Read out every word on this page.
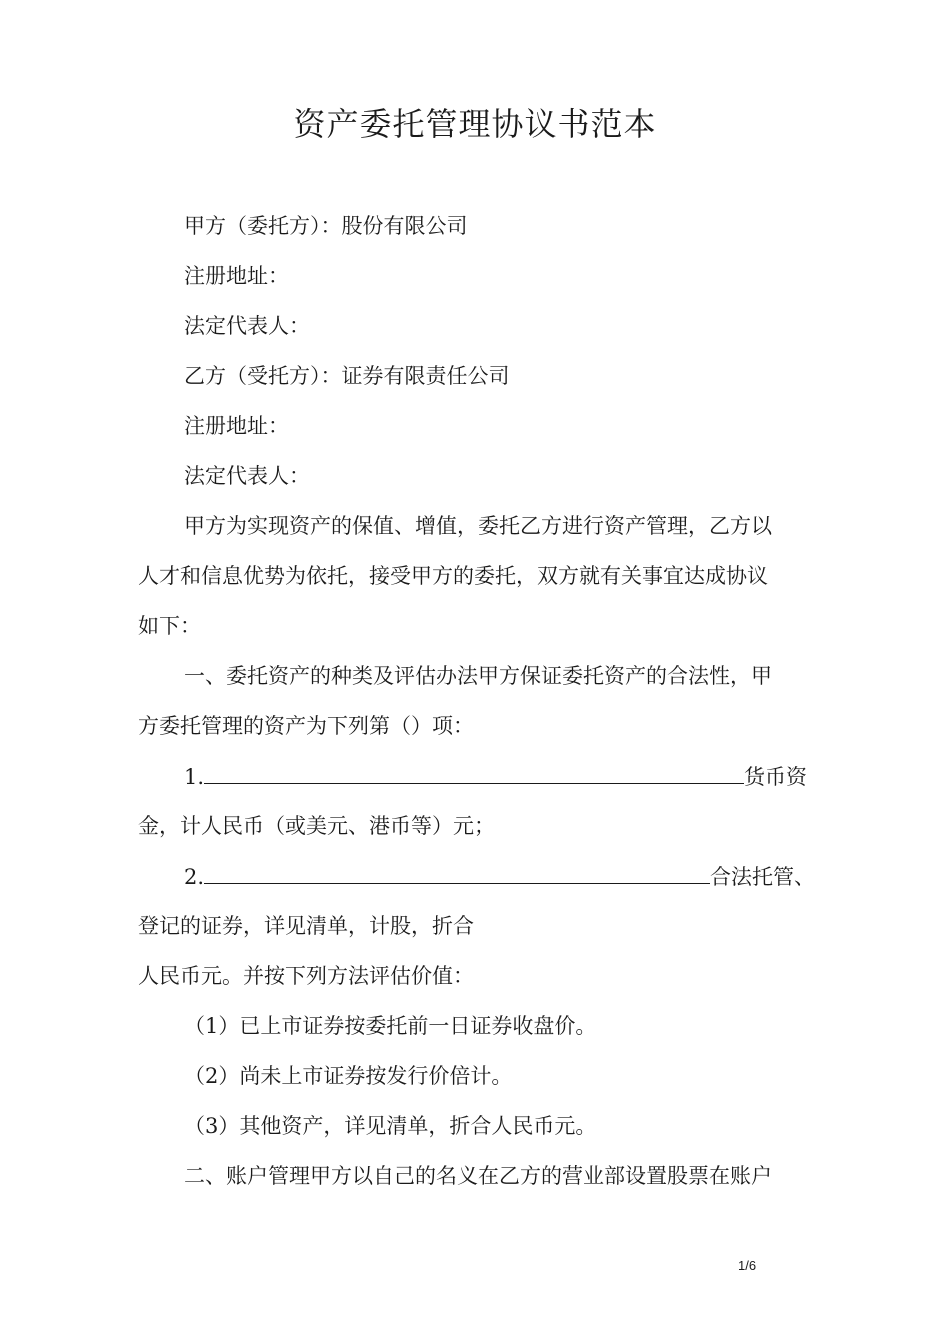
资产委托管理协议书范本
甲方（委托方）：股份有限公司
注册地址：
法定代表人：
乙方（受托方）：证券有限责任公司
注册地址：
法定代表人：
甲方为实现资产的保值、增值，委托乙方进行资产管理，乙方以
人才和信息优势为依托，接受甲方的委托，双方就有关事宜达成协议
如下：
一、委托资产的种类及评估办法甲方保证委托资产的合法性，甲
方委托管理的资产为下列第（）项：
1.	货币资
金，计人民币（或美元、港币等）元；
2.	合法托管、
登记的证券，详见清单，计股，折合
人民币元。并按下列方法评估价值：
（1）已上市证券按委托前一日证券收盘价。
（2）尚未上市证券按发行价倍计。
（3）其他资产，详见清单，折合人民币元。
二、账户管理甲方以自己的名义在乙方的营业部设置股票在账户
1/6
